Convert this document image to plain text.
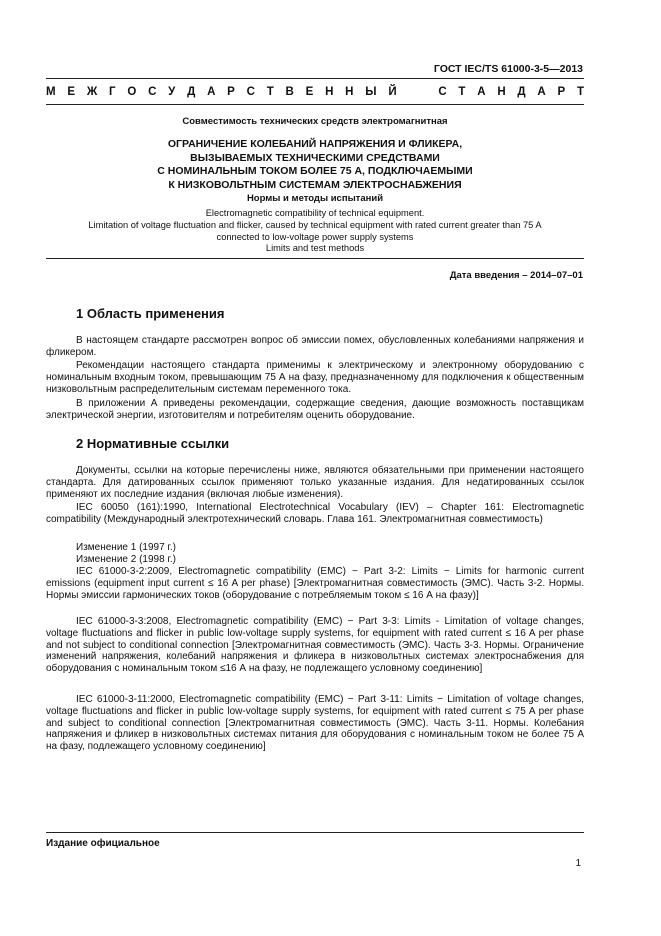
ГОСТ IEC/TS 61000-3-5—2013
М Е Ж Г О С У Д А Р С Т В Е Н Н Ы Й

	С Т А Н Д А Р Т
Совместимость технических средств электромагнитная
ОГРАНИЧЕНИЕ КОЛЕБАНИЙ НАПРЯЖЕНИЯ И ФЛИКЕРА,
ВЫЗЫВАЕМЫХ ТЕХНИЧЕСКИМИ СРЕДСТВАМИ
С НОМИНАЛЬНЫМ ТОКОМ БОЛЕЕ 75 А, ПОДКЛЮЧАЕМЫМИ
К НИЗКОВОЛЬТНЫМ СИСТЕМАМ ЭЛЕКТРОСНАБЖЕНИЯ
Нормы и методы испытаний
Electromagnetic compatibility of technical equipment.
Limitation of voltage fluctuation and flicker, caused by technical equipment with rated current greater than 75 A
connected to low-voltage power supply systems
Limits and test methods
Дата введения – 2014–07–01
1 Область применения

В настоящем стандарте рассмотрен вопрос об эмиссии помех, обусловленных колебаниями напряжения и фликером.

Рекомендации настоящего стандарта применимы к электрическому и электронному оборудованию с номинальным входным током, превышающим 75 А на фазу, предназначенному для подключения к общественным низковольтным распределительным системам переменного тока.

В приложении А приведены рекомендации, содержащие сведения, дающие возможность поставщикам электрической энергии, изготовителям и потребителям оценить оборудование.

2 Нормативные ссылки

Документы, ссылки на которые перечислены ниже, являются обязательными при применении настоящего стандарта. Для датированных ссылок применяют только указанные издания. Для недатированных ссылок применяют их последние издания (включая любые изменения).

IEC 60050 (161):1990, International Electrotechnical Vocabulary (IEV) – Chapter 161: Electromagnetic compatibility (Международный электротехнический словарь. Глава 161. Электромагнитная совместимость)

Изменение 1 (1997 г.)

Изменение 2 (1998 г.)

IEC 61000-3-2:2009, Electromagnetic compatibility (EMC) − Part 3-2: Limits − Limits for harmonic current emissions (equipment input current ≤ 16 A per phase) [Электромагнитная совместимость (ЭМС). Часть 3-2. Нормы. Нормы эмиссии гармонических токов (оборудование с потребляемым током ≤ 16 А на фазу)]

IEC 61000-3-3:2008, Electromagnetic compatibility (EMC) − Part 3-3: Limits - Limitation of voltage changes, voltage fluctuations and flicker in public low-voltage supply systems, for equipment with rated current ≤ 16 A per phase and not subject to conditional connection [Электромагнитная совместимость (ЭМС). Часть 3-3. Нормы. Ограничение изменений напряжения, колебаний напряжения и фликера в низковольтных системах электроснабжения для оборудования с номинальным током ≤16 А на фазу, не подлежащего условному соединению]

IEC 61000-3-11:2000, Electromagnetic compatibility (EMC) − Part 3-11: Limits − Limitation of voltage changes, voltage fluctuations and flicker in public low-voltage supply systems, for equipment with rated current ≤ 75 A per phase and subject to conditional connection [Электромагнитная совместимость (ЭМС). Часть 3-11. Нормы. Колебания напряжения и фликер в низковольтных системах питания для оборудования с номинальным током не более 75 А на фазу, подлежащего условному соединению]

Издание официальное
1
